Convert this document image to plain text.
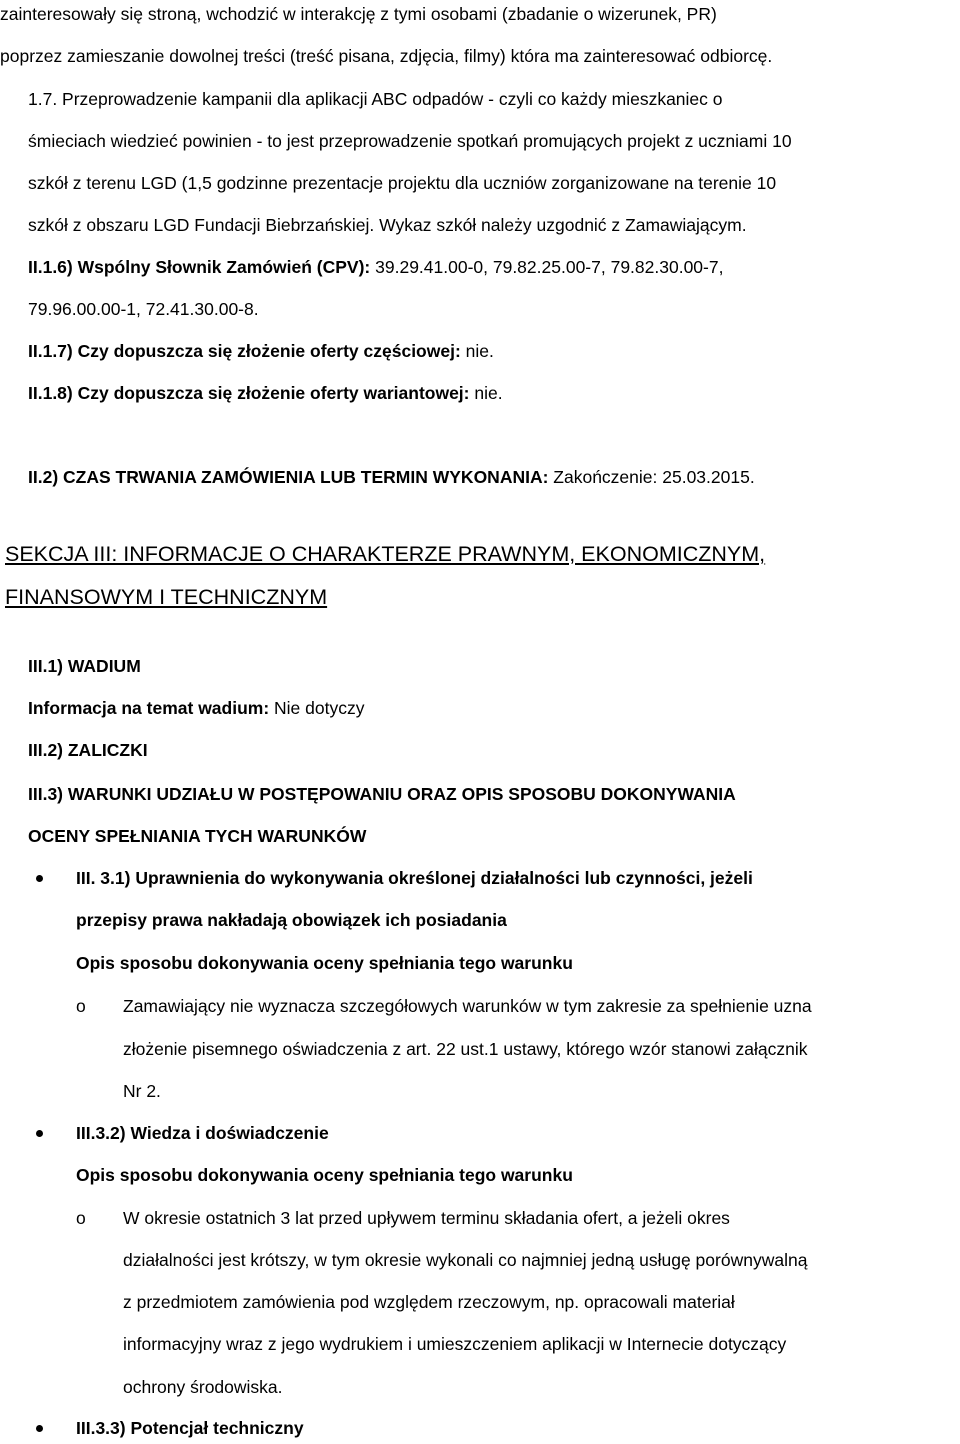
zainteresowały się stroną, wchodzić w interakcję z tymi osobami (zbadanie o wizerunek, PR)
poprzez zamieszanie dowolnej treści (treść pisana, zdjęcia, filmy) która ma zainteresować odbiorcę.
1.7. Przeprowadzenie kampanii dla aplikacji ABC odpadów - czyli co każdy mieszkaniec o
śmieciach wiedzieć powinien - to jest przeprowadzenie spotkań promujących projekt z uczniami 10
szkół z terenu LGD (1,5 godzinne prezentacje projektu dla uczniów zorganizowane na terenie 10
szkół z obszaru LGD Fundacji Biebrzańskiej. Wykaz szkół należy uzgodnić z Zamawiającym.
II.1.6) Wspólny Słownik Zamówień (CPV): 39.29.41.00-0, 79.82.25.00-7, 79.82.30.00-7,
79.96.00.00-1, 72.41.30.00-8.
II.1.7) Czy dopuszcza się złożenie oferty częściowej: nie.
II.1.8) Czy dopuszcza się złożenie oferty wariantowej: nie.
II.2) CZAS TRWANIA ZAMÓWIENIA LUB TERMIN WYKONANIA: Zakończenie: 25.03.2015.
SEKCJA III: INFORMACJE O CHARAKTERZE PRAWNYM, EKONOMICZNYM,
FINANSOWYM I TECHNICZNYM
III.1) WADIUM
Informacja na temat wadium: Nie dotyczy
III.2) ZALICZKI
III.3) WARUNKI UDZIAŁU W POSTĘPOWANIU ORAZ OPIS SPOSOBU DOKONYWANIA
OCENY SPEŁNIANIA TYCH WARUNKÓW
III. 3.1) Uprawnienia do wykonywania określonej działalności lub czynności, jeżeli
przepisy prawa nakładają obowiązek ich posiadania
Opis sposobu dokonywania oceny spełniania tego warunku
o Zamawiający nie wyznacza szczegółowych warunków w tym zakresie za spełnienie uzna
złożenie pisemnego oświadczenia z art. 22 ust.1 ustawy, którego wzór stanowi załącznik
Nr 2.
III.3.2) Wiedza i doświadczenie
Opis sposobu dokonywania oceny spełniania tego warunku
o W okresie ostatnich 3 lat przed upływem terminu składania ofert, a jeżeli okres
działalności jest krótszy, w tym okresie wykonali co najmniej jedną usługę porównywalną
z przedmiotem zamówienia pod względem rzeczowym, np. opracowali materiał
informacyjny wraz z jego wydrukiem i umieszczeniem aplikacji w Internecie dotyczący
ochrony środowiska.
III.3.3) Potencjał techniczny
